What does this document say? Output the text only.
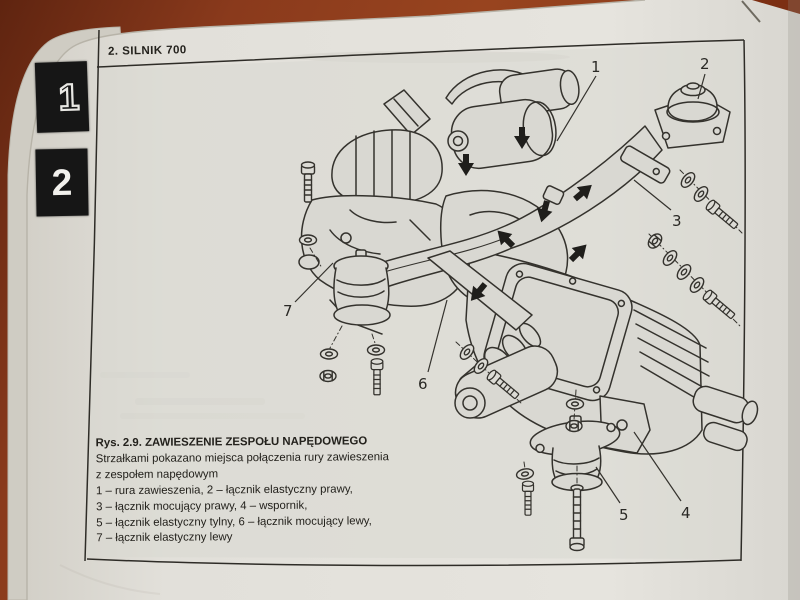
1	2
3
4
5
6
7
2. SILNIK 700
1
2
Rys. 2.9. ZAWIESZENIE ZESPOŁU NAPĘDOWEGO
Strzałkami pokazano miejsca połączenia rury zawieszenia
z zespołem napędowym
1 – rura zawieszenia, 2 – łącznik elastyczny prawy,
3 – łącznik mocujący prawy, 4 – wspornik,
5 – łącznik elastyczny tylny, 6 – łącznik mocujący lewy,
7 – łącznik elastyczny lewy
